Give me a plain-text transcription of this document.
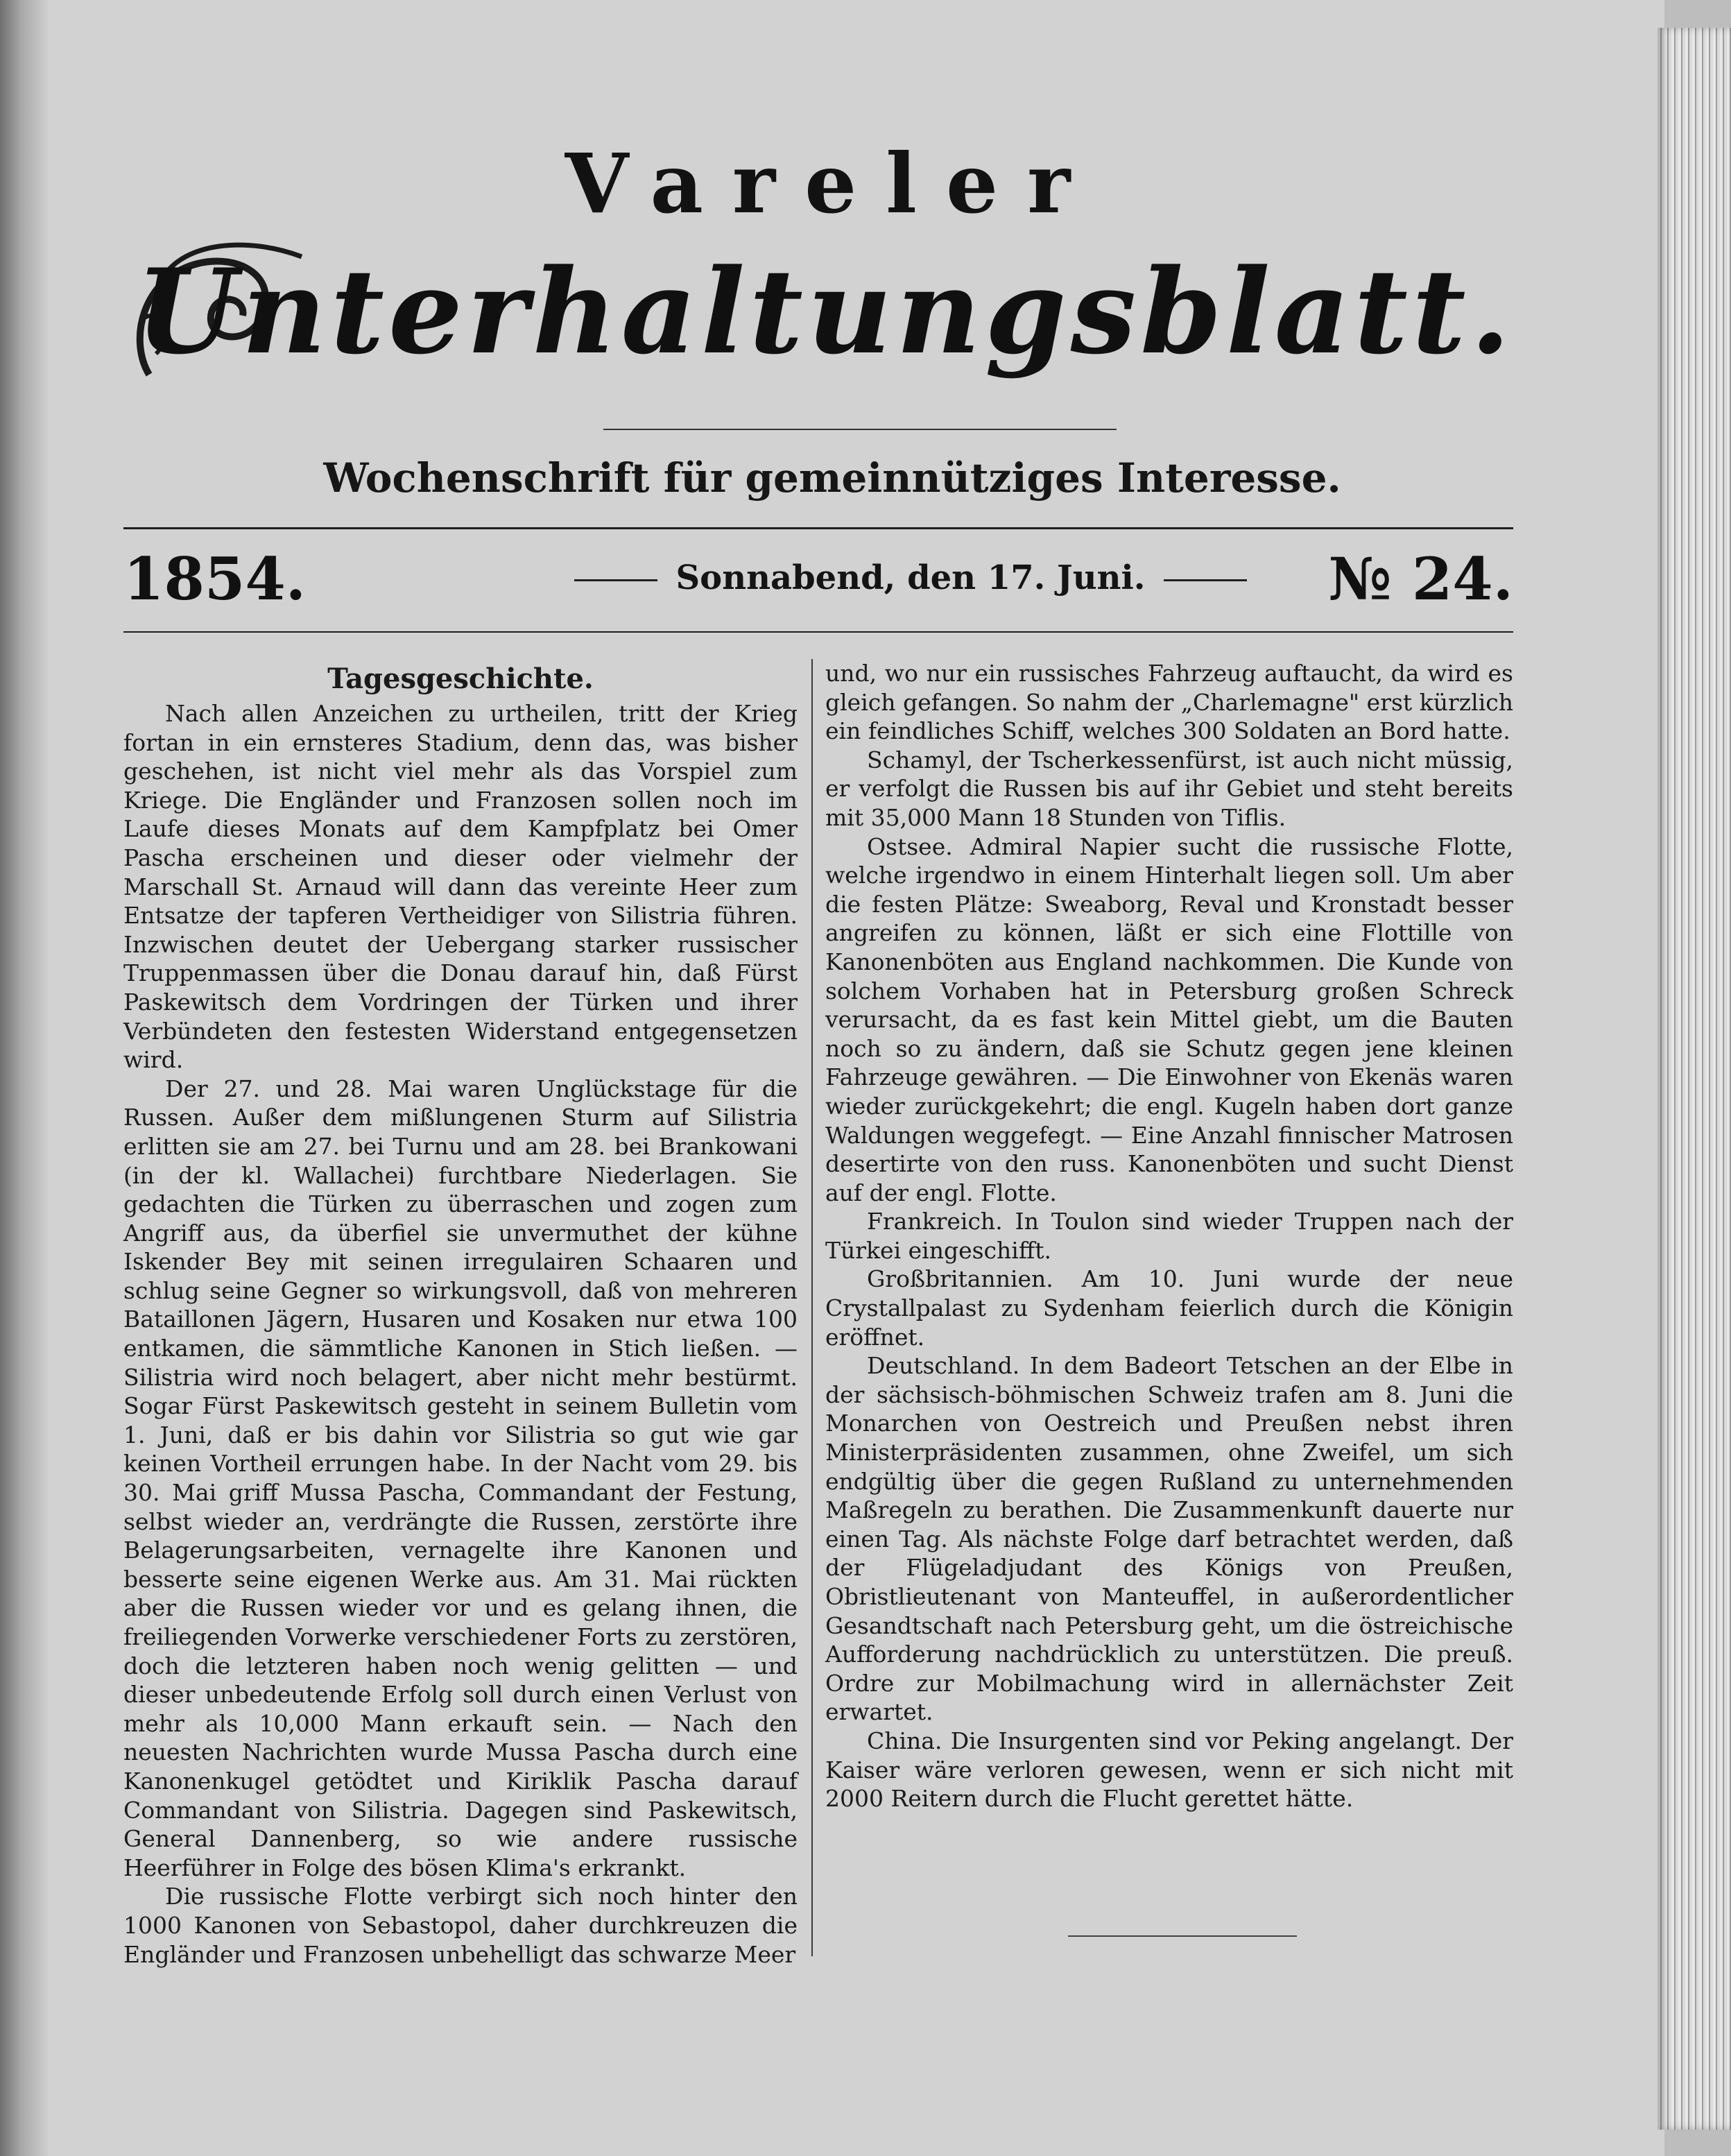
Vareler
Unterhaltungsblatt.
Wochenschrift für gemeinnütziges Interesse.
1854.	Sonnabend, den 17. Juni.	№ 24.
Tagesgeschichte.

Nach allen Anzeichen zu urtheilen, tritt der Krieg fortan in ein ernsteres Stadium, denn das, was bisher geschehen, ist nicht viel mehr als das Vorspiel zum Kriege. Die Engländer und Franzosen sollen noch im Laufe dieses Monats auf dem Kampfplatz bei Omer Pascha erscheinen und dieser oder vielmehr der Marschall St. Arnaud will dann das vereinte Heer zum Entsatze der tapferen Vertheidiger von Silistria führen. Inzwischen deutet der Uebergang starker russischer Truppenmassen über die Donau darauf hin, daß Fürst Paskewitsch dem Vordringen der Türken und ihrer Verbündeten den festesten Widerstand entgegensetzen wird.

Der 27. und 28. Mai waren Unglückstage für die Russen. Außer dem mißlungenen Sturm auf Silistria erlitten sie am 27. bei Turnu und am 28. bei Brankowani (in der kl. Wallachei) furchtbare Niederlagen. Sie gedachten die Türken zu überraschen und zogen zum Angriff aus, da überfiel sie unvermuthet der kühne Iskender Bey mit seinen irregulairen Schaaren und schlug seine Gegner so wirkungsvoll, daß von mehreren Bataillonen Jägern, Husaren und Kosaken nur etwa 100 entkamen, die sämmtliche Kanonen in Stich ließen. — Silistria wird noch belagert, aber nicht mehr bestürmt. Sogar Fürst Paskewitsch gesteht in seinem Bulletin vom 1. Juni, daß er bis dahin vor Silistria so gut wie gar keinen Vortheil errungen habe. In der Nacht vom 29. bis 30. Mai griff Mussa Pascha, Commandant der Festung, selbst wieder an, verdrängte die Russen, zerstörte ihre Belagerungsarbeiten, vernagelte ihre Kanonen und besserte seine eigenen Werke aus. Am 31. Mai rückten aber die Russen wieder vor und es gelang ihnen, die freiliegenden Vorwerke verschiedener Forts zu zerstören, doch die letzteren haben noch wenig gelitten — und dieser unbedeutende Erfolg soll durch einen Verlust von mehr als 10,000 Mann erkauft sein. — Nach den neuesten Nachrichten wurde Mussa Pascha durch eine Kanonenkugel getödtet und Kiriklik Pascha darauf Commandant von Silistria. Dagegen sind Paskewitsch, General Dannenberg, so wie andere russische Heerführer in Folge des bösen Klima's erkrankt.

Die russische Flotte verbirgt sich noch hinter den 1000 Kanonen von Sebastopol, daher durchkreuzen die Engländer und Franzosen unbehelligt das schwarze Meer

und, wo nur ein russisches Fahrzeug auftaucht, da wird es gleich gefangen. So nahm der „Charlemagne" erst kürzlich ein feindliches Schiff, welches 300 Soldaten an Bord hatte.

Schamyl, der Tscherkessenfürst, ist auch nicht müssig, er verfolgt die Russen bis auf ihr Gebiet und steht bereits mit 35,000 Mann 18 Stunden von Tiflis.

Ostsee. Admiral Napier sucht die russische Flotte, welche irgendwo in einem Hinterhalt liegen soll. Um aber die festen Plätze: Sweaborg, Reval und Kronstadt besser angreifen zu können, läßt er sich eine Flottille von Kanonenböten aus England nachkommen. Die Kunde von solchem Vorhaben hat in Petersburg großen Schreck verursacht, da es fast kein Mittel giebt, um die Bauten noch so zu ändern, daß sie Schutz gegen jene kleinen Fahrzeuge gewähren. — Die Einwohner von Ekenäs waren wieder zurückgekehrt; die engl. Kugeln haben dort ganze Waldungen weggefegt. — Eine Anzahl finnischer Matrosen desertirte von den russ. Kanonenböten und sucht Dienst auf der engl. Flotte.

Frankreich. In Toulon sind wieder Truppen nach der Türkei eingeschifft.

Großbritannien. Am 10. Juni wurde der neue Crystallpalast zu Sydenham feierlich durch die Königin eröffnet.

Deutschland. In dem Badeort Tetschen an der Elbe in der sächsisch-böhmischen Schweiz trafen am 8. Juni die Monarchen von Oestreich und Preußen nebst ihren Ministerpräsidenten zusammen, ohne Zweifel, um sich endgültig über die gegen Rußland zu unternehmenden Maßregeln zu berathen. Die Zusammenkunft dauerte nur einen Tag. Als nächste Folge darf betrachtet werden, daß der Flügeladjudant des Königs von Preußen, Obristlieutenant von Manteuffel, in außerordentlicher Gesandtschaft nach Petersburg geht, um die östreichische Aufforderung nachdrücklich zu unterstützen. Die preuß. Ordre zur Mobilmachung wird in allernächster Zeit erwartet.

China. Die Insurgenten sind vor Peking angelangt. Der Kaiser wäre verloren gewesen, wenn er sich nicht mit 2000 Reitern durch die Flucht gerettet hätte.
